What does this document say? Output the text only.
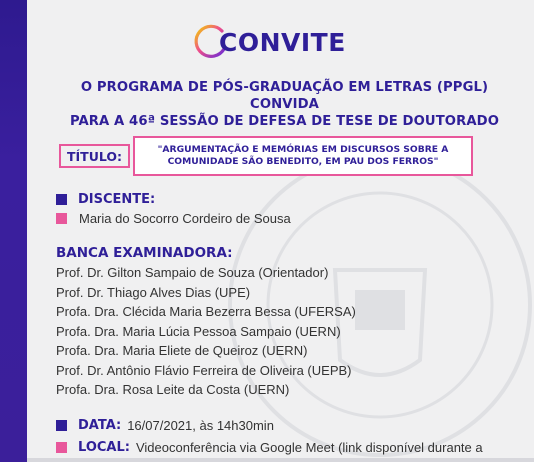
CONVITE
O PROGRAMA DE PÓS-GRADUAÇÃO EM LETRAS (PPGL) CONVIDA
PARA A 46ª SESSÃO DE DEFESA DE TESE DE DOUTORADO
TÍTULO:	"ARGUMENTAÇÃO E MEMÓRIAS EM DISCURSOS SOBRE A
COMUNIDADE SÃO BENEDITO, EM PAU DOS FERROS"
DISCENTE:
Maria do Socorro Cordeiro de Sousa
BANCA EXAMINADORA:
Prof. Dr. Gilton Sampaio de Souza (Orientador)
Prof. Dr. Thiago Alves Dias (UPE)
Profa. Dra. Clécida Maria Bezerra Bessa (UFERSA)
Profa. Dra. Maria Lúcia Pessoa Sampaio (UERN)
Profa. Dra. Maria Eliete de Queiroz (UERN)
Prof. Dr. Antônio Flávio Ferreira de Oliveira (UEPB)
Profa. Dra. Rosa Leite da Costa (UERN)
DATA: 16/07/2021, às 14h30min
LOCAL: Videoconferência via Google Meet (link disponível durante a
